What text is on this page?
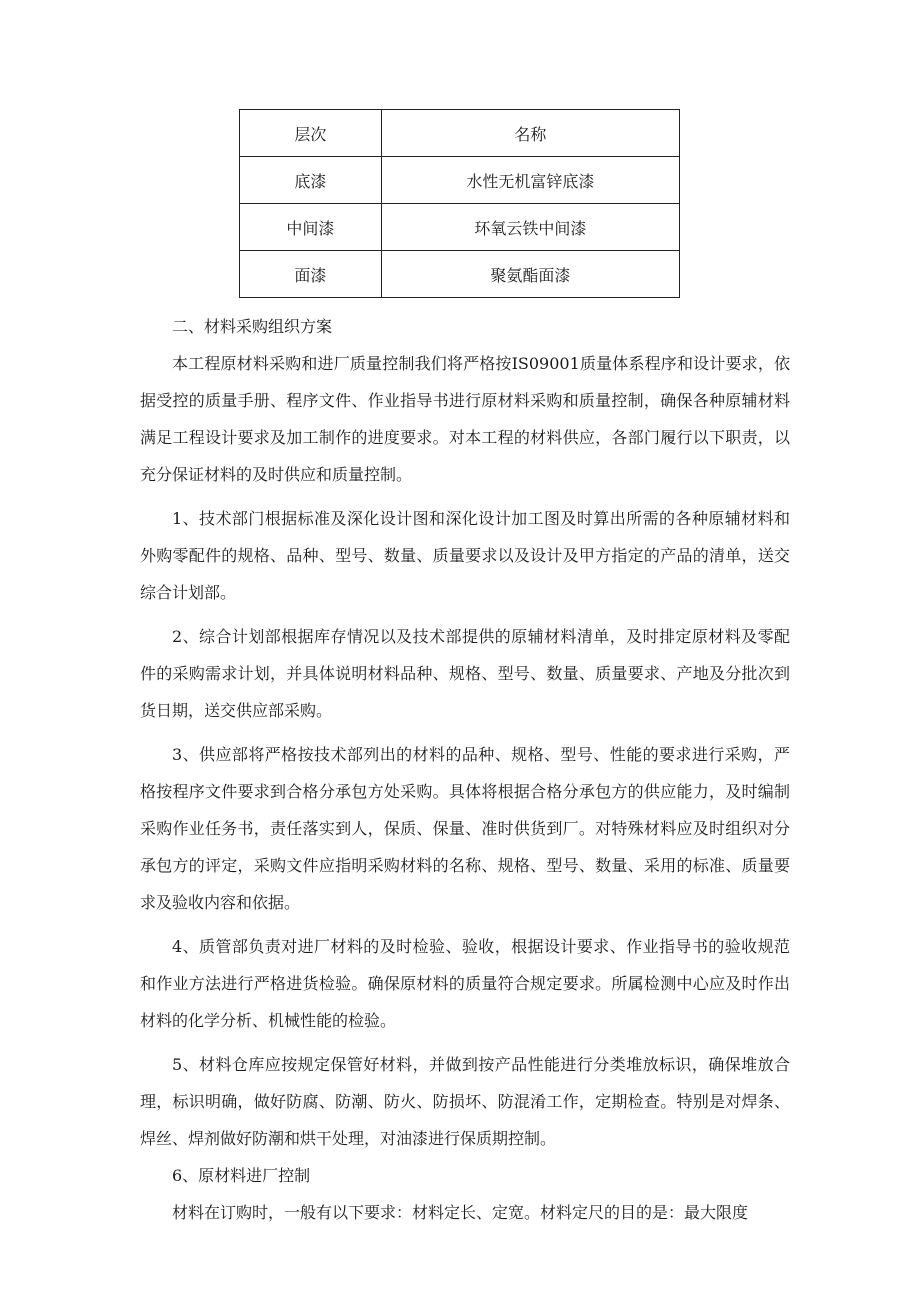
层次	名称
底漆	水性无机富锌底漆
中间漆	环氧云铁中间漆
面漆	聚氨酯面漆

二、材料采购组织方案

本工程原材料采购和进厂质量控制我们将严格按IS09001质量体系程序和设计要求，依据受控的质量手册、程序文件、作业指导书进行原材料采购和质量控制，确保各种原辅材料满足工程设计要求及加工制作的进度要求。对本工程的材料供应，各部门履行以下职责，以充分保证材料的及时供应和质量控制。

1、技术部门根据标准及深化设计图和深化设计加工图及时算出所需的各种原辅材料和外购零配件的规格、品种、型号、数量、质量要求以及设计及甲方指定的产品的清单，送交综合计划部。

2、综合计划部根据库存情况以及技术部提供的原辅材料清单，及时排定原材料及零配件的采购需求计划，并具体说明材料品种、规格、型号、数量、质量要求、产地及分批次到货日期，送交供应部采购。

3、供应部将严格按技术部列出的材料的品种、规格、型号、性能的要求进行采购，严格按程序文件要求到合格分承包方处采购。具体将根据合格分承包方的供应能力，及时编制采购作业任务书，责任落实到人，保质、保量、准时供货到厂。对特殊材料应及时组织对分承包方的评定，采购文件应指明采购材料的名称、规格、型号、数量、采用的标准、质量要求及验收内容和依据。

4、质管部负责对进厂材料的及时检验、验收，根据设计要求、作业指导书的验收规范和作业方法进行严格进货检验。确保原材料的质量符合规定要求。所属检测中心应及时作出材料的化学分析、机械性能的检验。

5、材料仓库应按规定保管好材料，并做到按产品性能进行分类堆放标识，确保堆放合理，标识明确，做好防腐、防潮、防火、防损坏、防混淆工作，定期检查。特别是对焊条、焊丝、焊剂做好防潮和烘干处理，对油漆进行保质期控制。

6、原材料进厂控制

材料在订购时，一般有以下要求：材料定长、定宽。材料定尺的目的是：最大限度
